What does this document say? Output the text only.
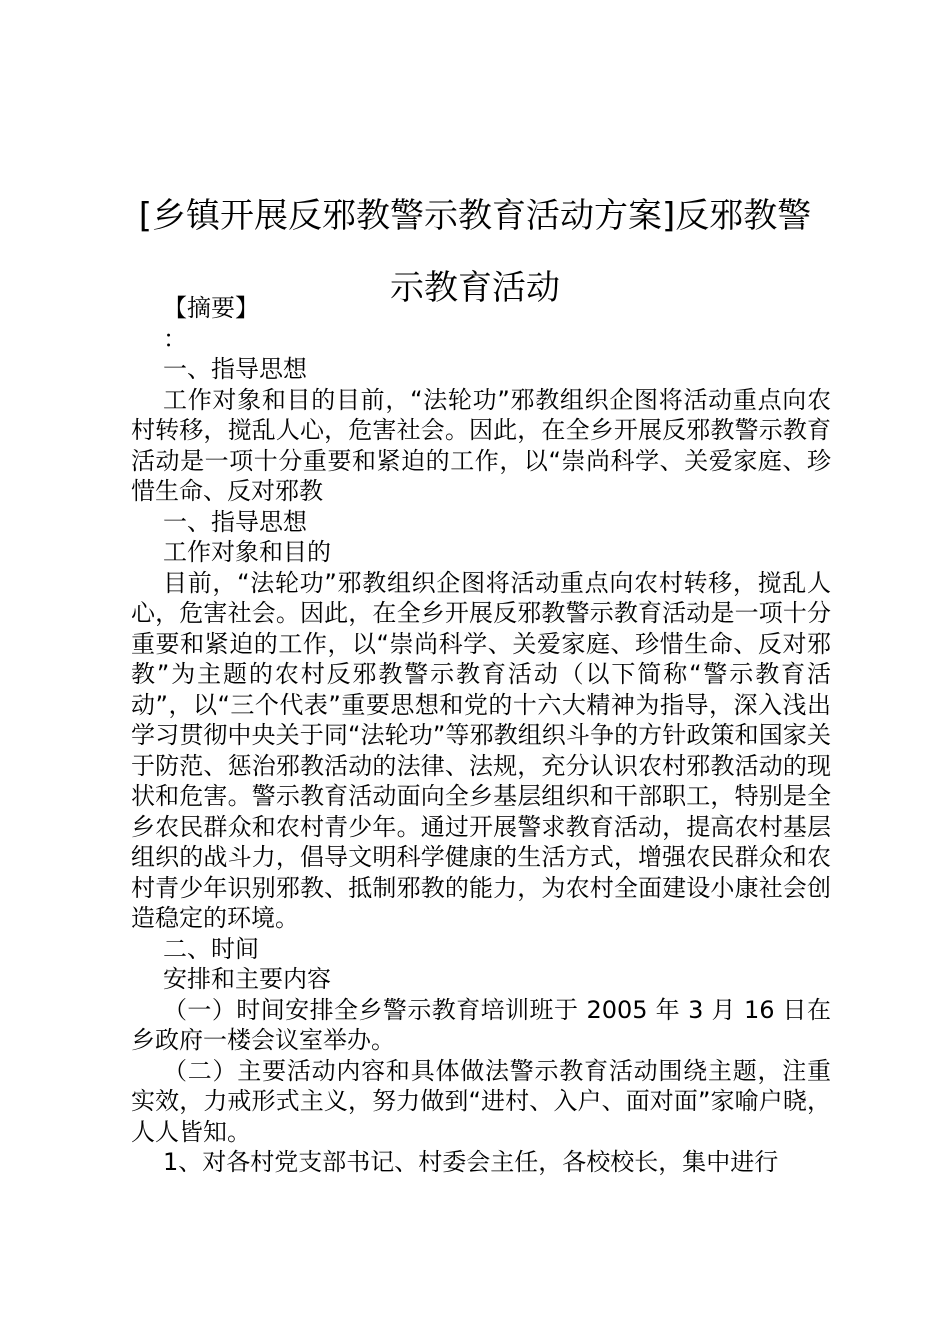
[乡镇开展反邪教警示教育活动方案]反邪教警
示教育活动

【摘要】

：

一、指导思想

工作对象和目的目前，“法轮功”邪教组织企图将活动重点向农村转移，搅乱人心，危害社会。因此，在全乡开展反邪教警示教育活动是一项十分重要和紧迫的工作，以“崇尚科学、关爱家庭、珍惜生命、反对邪教

一、指导思想

工作对象和目的

目前，“法轮功”邪教组织企图将活动重点向农村转移，搅乱人心，危害社会。因此，在全乡开展反邪教警示教育活动是一项十分重要和紧迫的工作，以“崇尚科学、关爱家庭、珍惜生命、反对邪教”为主题的农村反邪教警示教育活动（以下简称“警示教育活动”，以“三个代表”重要思想和党的十六大精神为指导，深入浅出学习贯彻中央关于同“法轮功”等邪教组织斗争的方针政策和国家关于防范、惩治邪教活动的法律、法规，充分认识农村邪教活动的现状和危害。警示教育活动面向全乡基层组织和干部职工，特别是全乡农民群众和农村青少年。通过开展警求教育活动，提高农村基层组织的战斗力，倡导文明科学健康的生活方式，增强农民群众和农村青少年识别邪教、抵制邪教的能力，为农村全面建设小康社会创造稳定的环境。

二、时间

安排和主要内容

（一）时间安排全乡警示教育培训班于 2005 年 3 月 16 日在乡政府一楼会议室举办。

（二）主要活动内容和具体做法警示教育活动围绕主题，注重实效，力戒形式主义，努力做到“进村、入户、面对面”家喻户晓，人人皆知。

1、对各村党支部书记、村委会主任，各校校长，集中进行
